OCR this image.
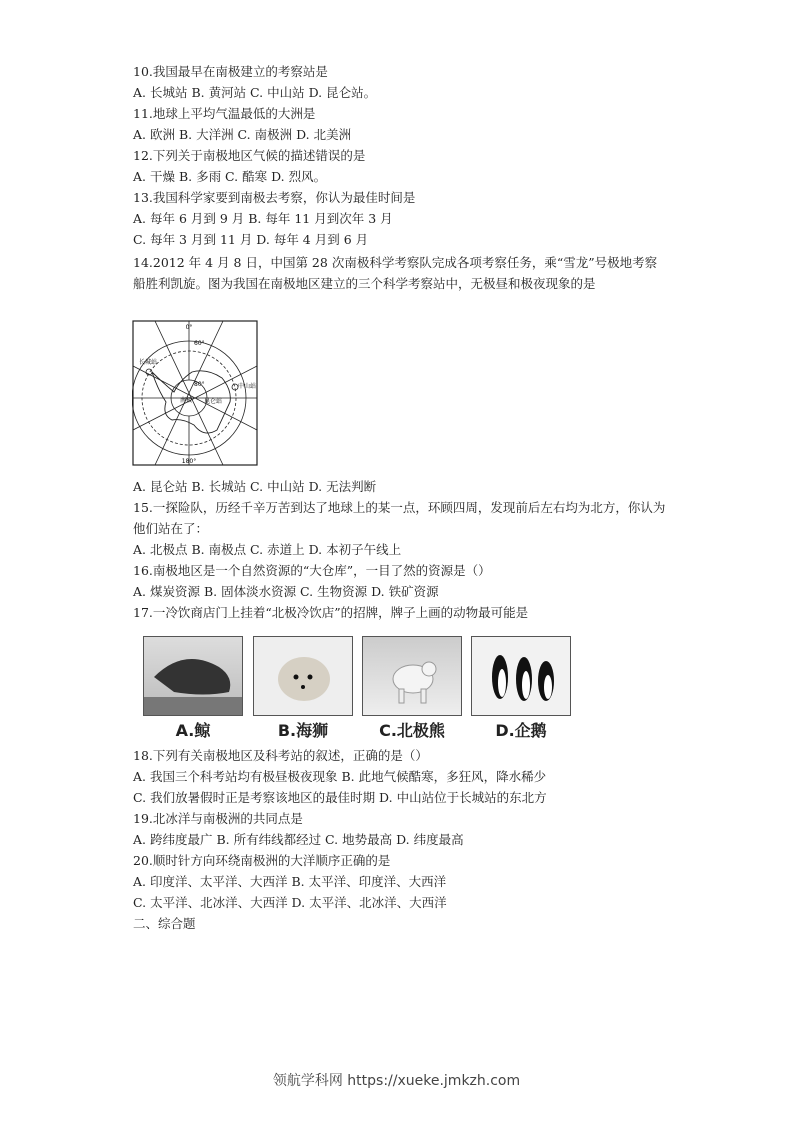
10.我国最早在南极建立的考察站是
A. 长城站 B. 黄河站 C. 中山站 D. 昆仑站。
11.地球上平均气温最低的大洲是
A. 欧洲 B. 大洋洲 C. 南极洲 D. 北美洲
12.下列关于南极地区气候的描述错误的是
A. 干燥 B. 多雨 C. 酷寒 D. 烈风。
13.我国科学家要到南极去考察，你认为最佳时间是
A. 每年 6 月到 9 月 B. 每年 11 月到次年 3 月
C. 每年 3 月到 11 月 D. 每年 4 月到 6 月
14.2012 年 4 月 8 日，中国第 28 次南极科学考察队完成各项考察任务，乘“雪龙”号极地考察船胜利凯旋。图为我国在南极地区建立的三个科学考察站中，无极昼和极夜现象的是
0°
60°
80°
长城站
中山站
昆仑站
南极
180°
A. 昆仑站 B. 长城站 C. 中山站 D. 无法判断
15.一探险队，历经千辛万苦到达了地球上的某一点，环顾四周，发现前后左右均为北方，你认为他们站在了：
A. 北极点 B. 南极点 C. 赤道上 D. 本初子午线上
16.南极地区是一个自然资源的“大仓库”，一目了然的资源是（）
A. 煤炭资源 B. 固体淡水资源 C. 生物资源 D. 铁矿资源
17.一冷饮商店门上挂着“北极冷饮店”的招牌，牌子上画的动物最可能是
A.鲸	B.海狮	C.北极熊	D.企鹅
18.下列有关南极地区及科考站的叙述，正确的是（）
A. 我国三个科考站均有极昼极夜现象 B. 此地气候酷寒，多狂风，降水稀少
C. 我们放暑假时正是考察该地区的最佳时期 D. 中山站位于长城站的东北方
19.北冰洋与南极洲的共同点是
A. 跨纬度最广 B. 所有纬线都经过 C. 地势最高 D. 纬度最高
20.顺时针方向环绕南极洲的大洋顺序正确的是
A. 印度洋、太平洋、大西洋 B. 太平洋、印度洋、大西洋
C. 太平洋、北冰洋、大西洋 D. 太平洋、北冰洋、大西洋
二、综合题
领航学科网 https://xueke.jmkzh.com
